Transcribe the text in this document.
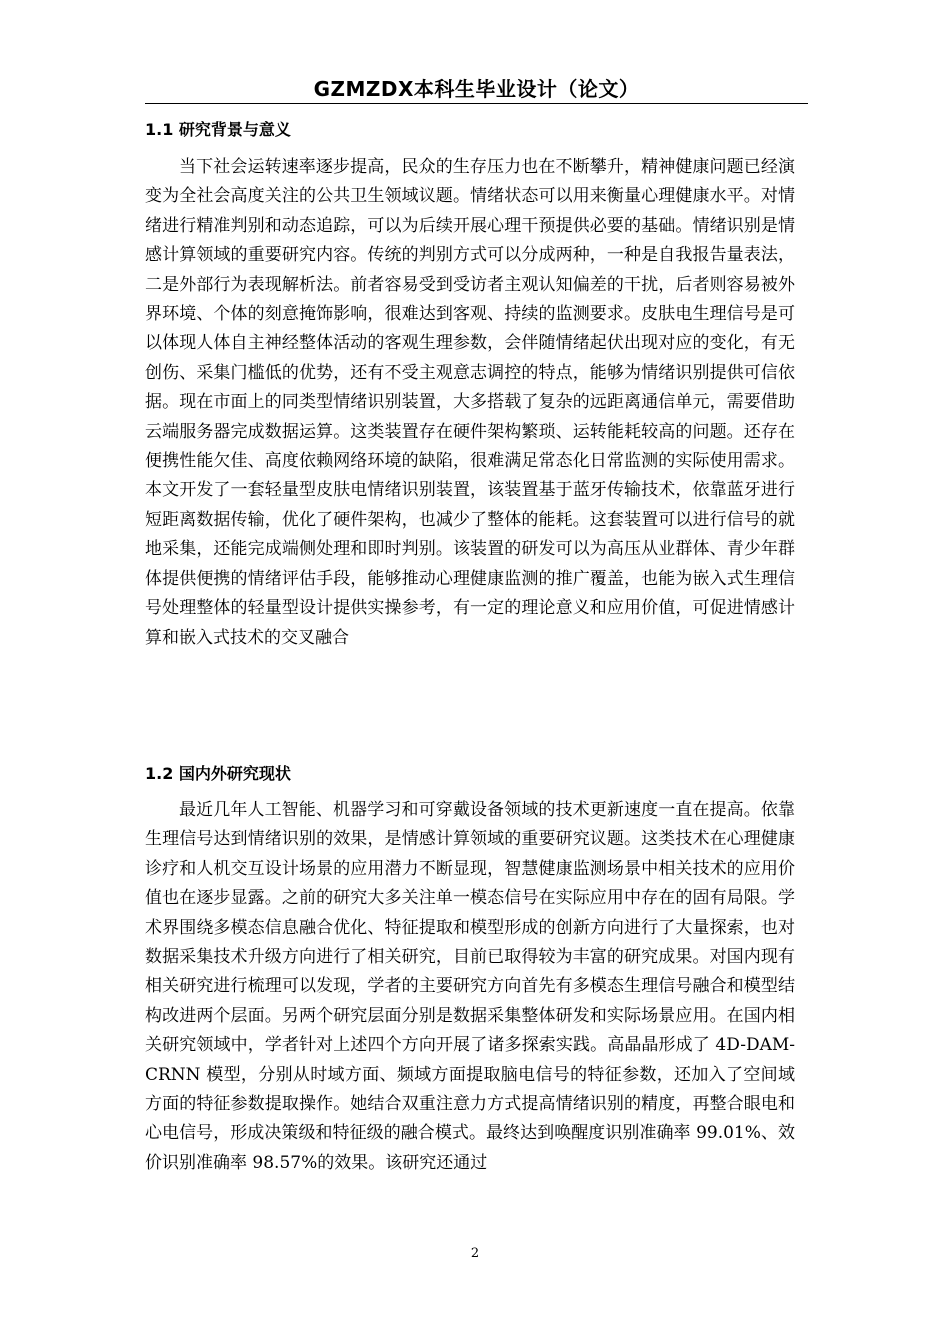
GZMZDX本科生毕业设计（论文）
1.1 研究背景与意义

当下社会运转速率逐步提高，民众的生存压力也在不断攀升，精神健康问题已经演变为全社会高度关注的公共卫生领域议题。情绪状态可以用来衡量心理健康水平。对情绪进行精准判别和动态追踪，可以为后续开展心理干预提供必要的基础。情绪识别是情感计算领域的重要研究内容。传统的判别方式可以分成两种，一种是自我报告量表法，二是外部行为表现解析法。前者容易受到受访者主观认知偏差的干扰，后者则容易被外界环境、个体的刻意掩饰影响，很难达到客观、持续的监测要求。皮肤电生理信号是可以体现人体自主神经整体活动的客观生理参数，会伴随情绪起伏出现对应的变化，有无创伤、采集门槛低的优势，还有不受主观意志调控的特点，能够为情绪识别提供可信依据。现在市面上的同类型情绪识别装置，大多搭载了复杂的远距离通信单元，需要借助云端服务器完成数据运算。这类装置存在硬件架构繁琐、运转能耗较高的问题。还存在便携性能欠佳、高度依赖网络环境的缺陷，很难满足常态化日常监测的实际使用需求。本文开发了一套轻量型皮肤电情绪识别装置，该装置基于蓝牙传输技术，依靠蓝牙进行短距离数据传输，优化了硬件架构，也减少了整体的能耗。这套装置可以进行信号的就地采集，还能完成端侧处理和即时判别。该装置的研发可以为高压从业群体、青少年群体提供便携的情绪评估手段，能够推动心理健康监测的推广覆盖，也能为嵌入式生理信号处理整体的轻量型设计提供实操参考，有一定的理论意义和应用价值，可促进情感计算和嵌入式技术的交叉融合

1.2 国内外研究现状

最近几年人工智能、机器学习和可穿戴设备领域的技术更新速度一直在提高。依靠生理信号达到情绪识别的效果，是情感计算领域的重要研究议题。这类技术在心理健康诊疗和人机交互设计场景的应用潜力不断显现，智慧健康监测场景中相关技术的应用价值也在逐步显露。之前的研究大多关注单一模态信号在实际应用中存在的固有局限。学术界围绕多模态信息融合优化、特征提取和模型形成的创新方向进行了大量探索，也对数据采集技术升级方向进行了相关研究，目前已取得较为丰富的研究成果。对国内现有相关研究进行梳理可以发现，学者的主要研究方向首先有多模态生理信号融合和模型结构改进两个层面。另两个研究层面分别是数据采集整体研发和实际场景应用。在国内相关研究领域中，学者针对上述四个方向开展了诸多探索实践。高晶晶形成了 4D-DAM-CRNN 模型，分别从时域方面、频域方面提取脑电信号的特征参数，还加入了空间域方面的特征参数提取操作。她结合双重注意力方式提高情绪识别的精度，再整合眼电和心电信号，形成决策级和特征级的融合模式。最终达到唤醒度识别准确率 99.01%、效价识别准确率 98.57%的效果。该研究还通过

2
